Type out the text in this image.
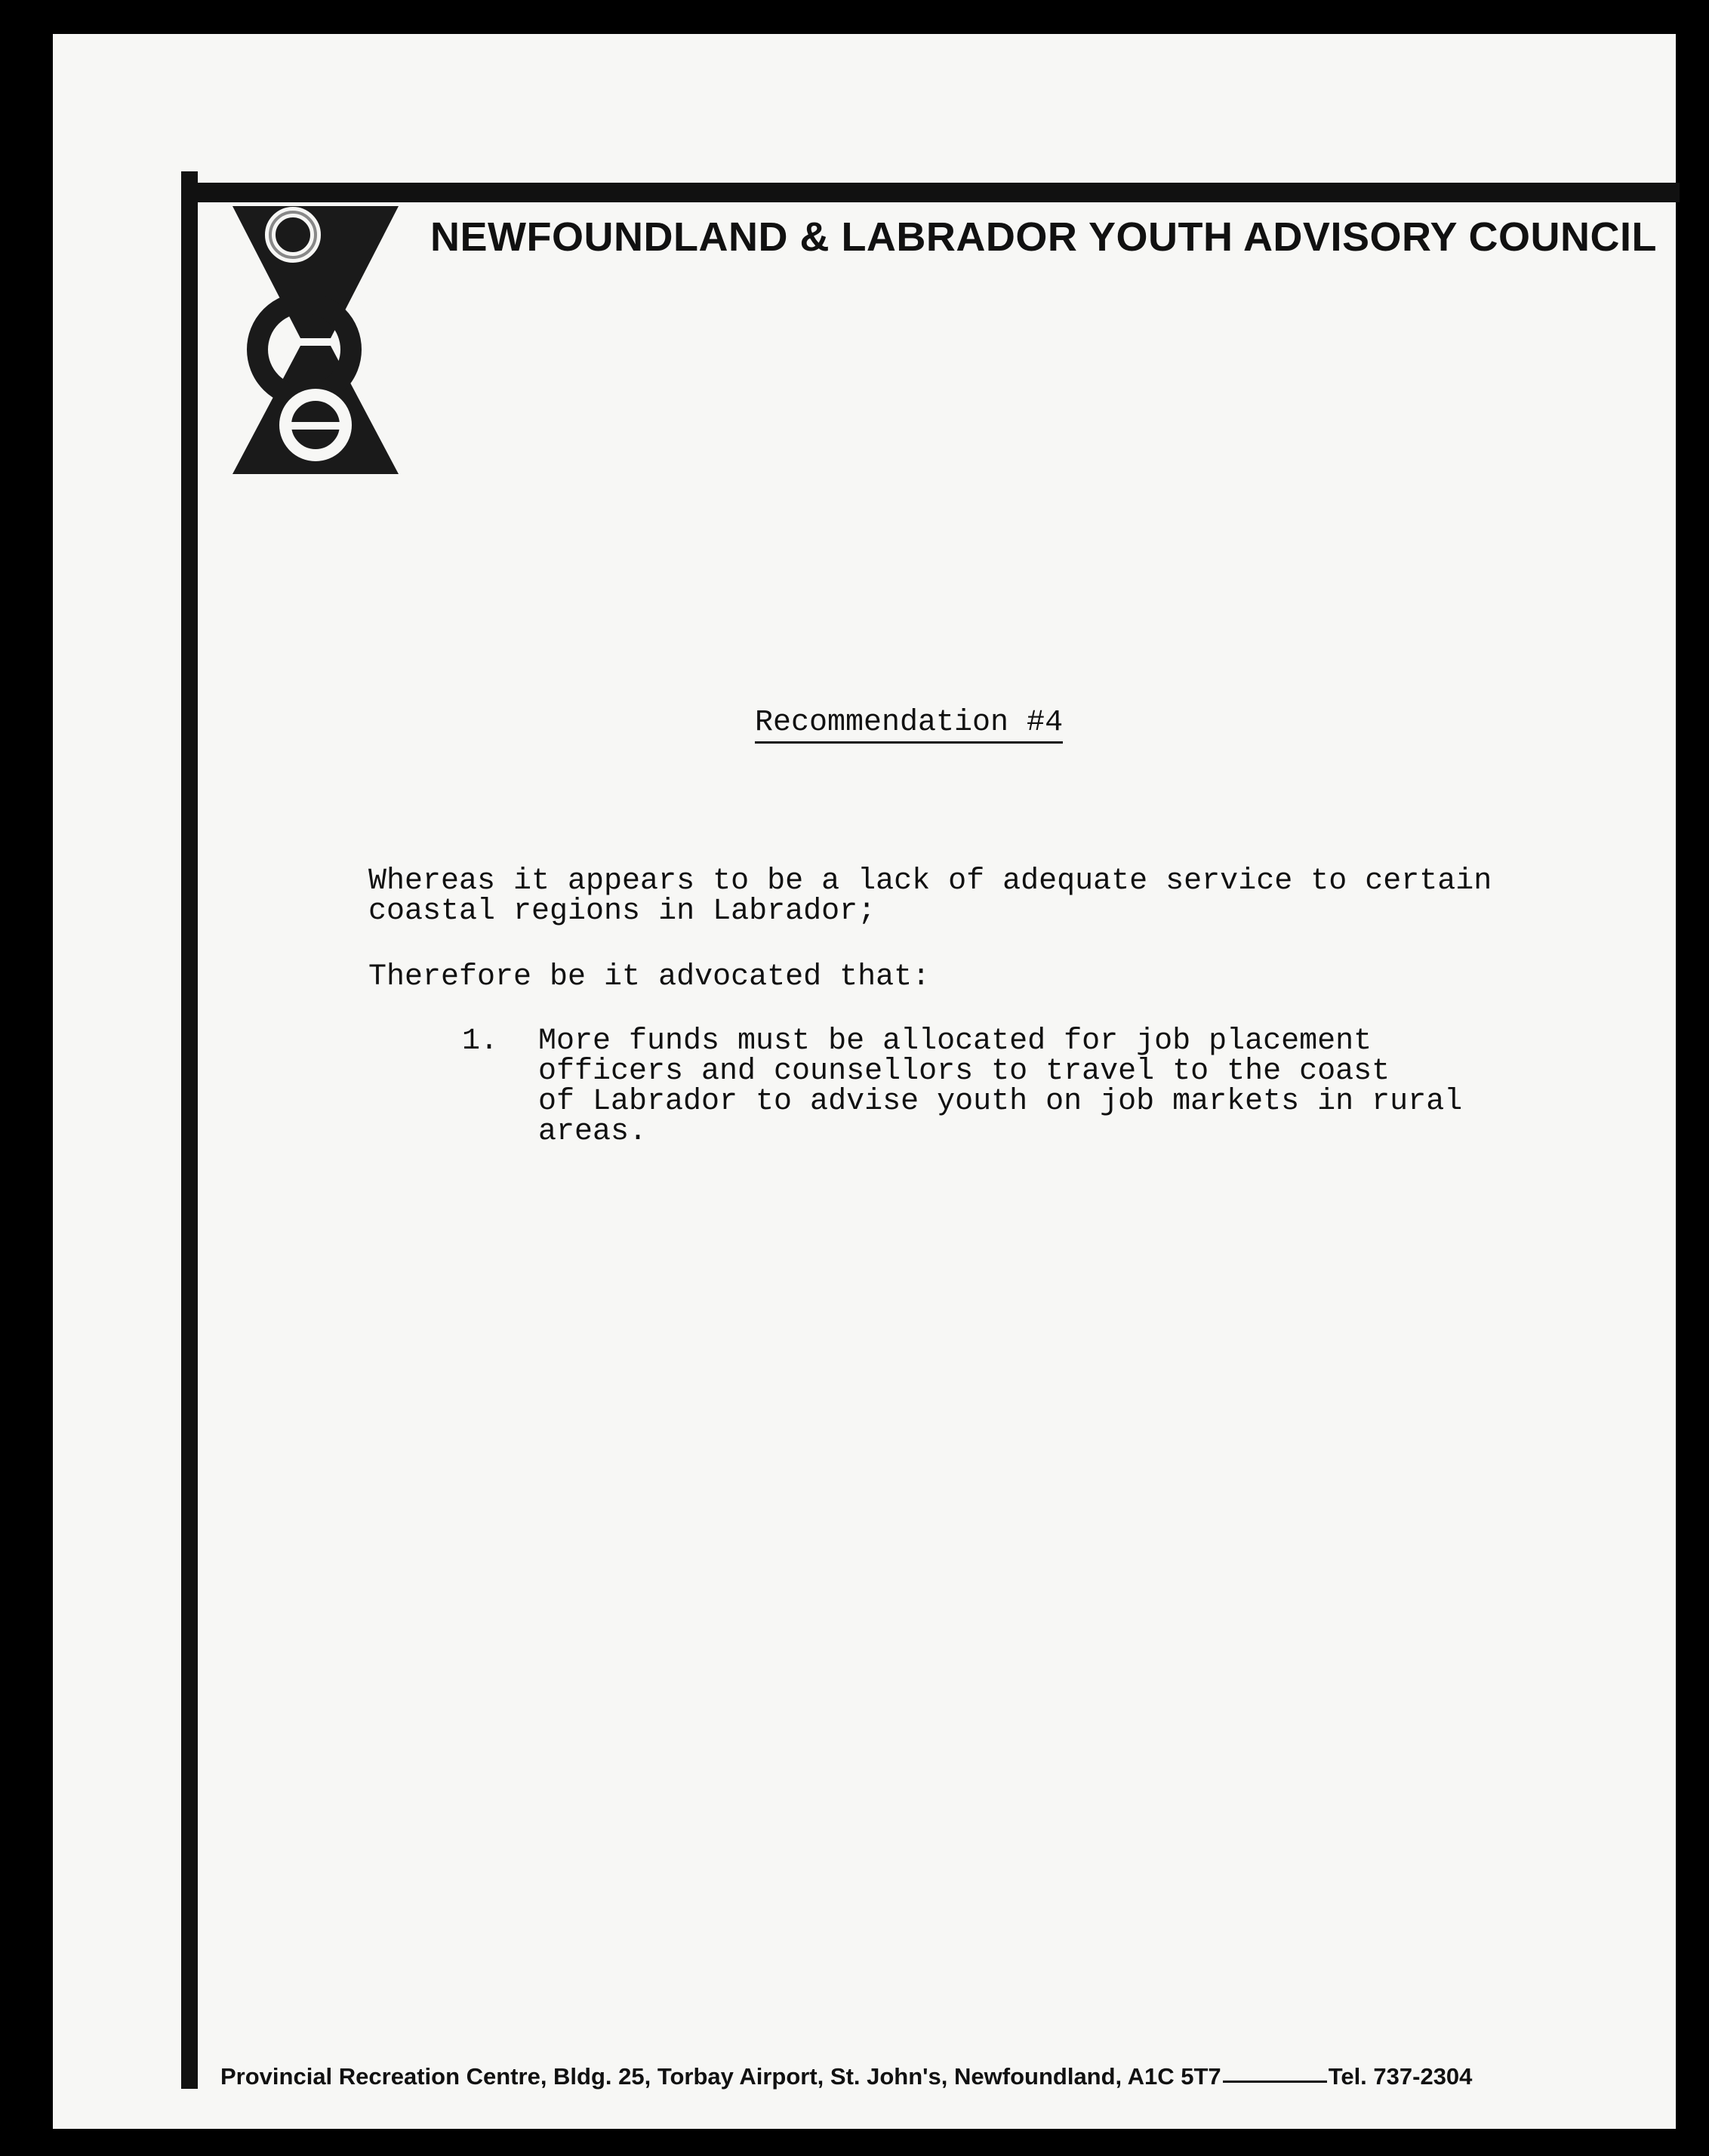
NEWFOUNDLAND & LABRADOR YOUTH ADVISORY COUNCIL
Recommendation #4
Whereas it appears to be a lack of adequate service to certain
coastal regions in Labrador;
Therefore be it advocated that:
1. More funds must be allocated for job placement
officers and counsellors to travel to the coast
of Labrador to advise youth on job markets in rural
areas.
Provincial Recreation Centre, Bldg. 25, Torbay Airport, St. John's, Newfoundland, A1C 5T7	Tel. 737-2304
